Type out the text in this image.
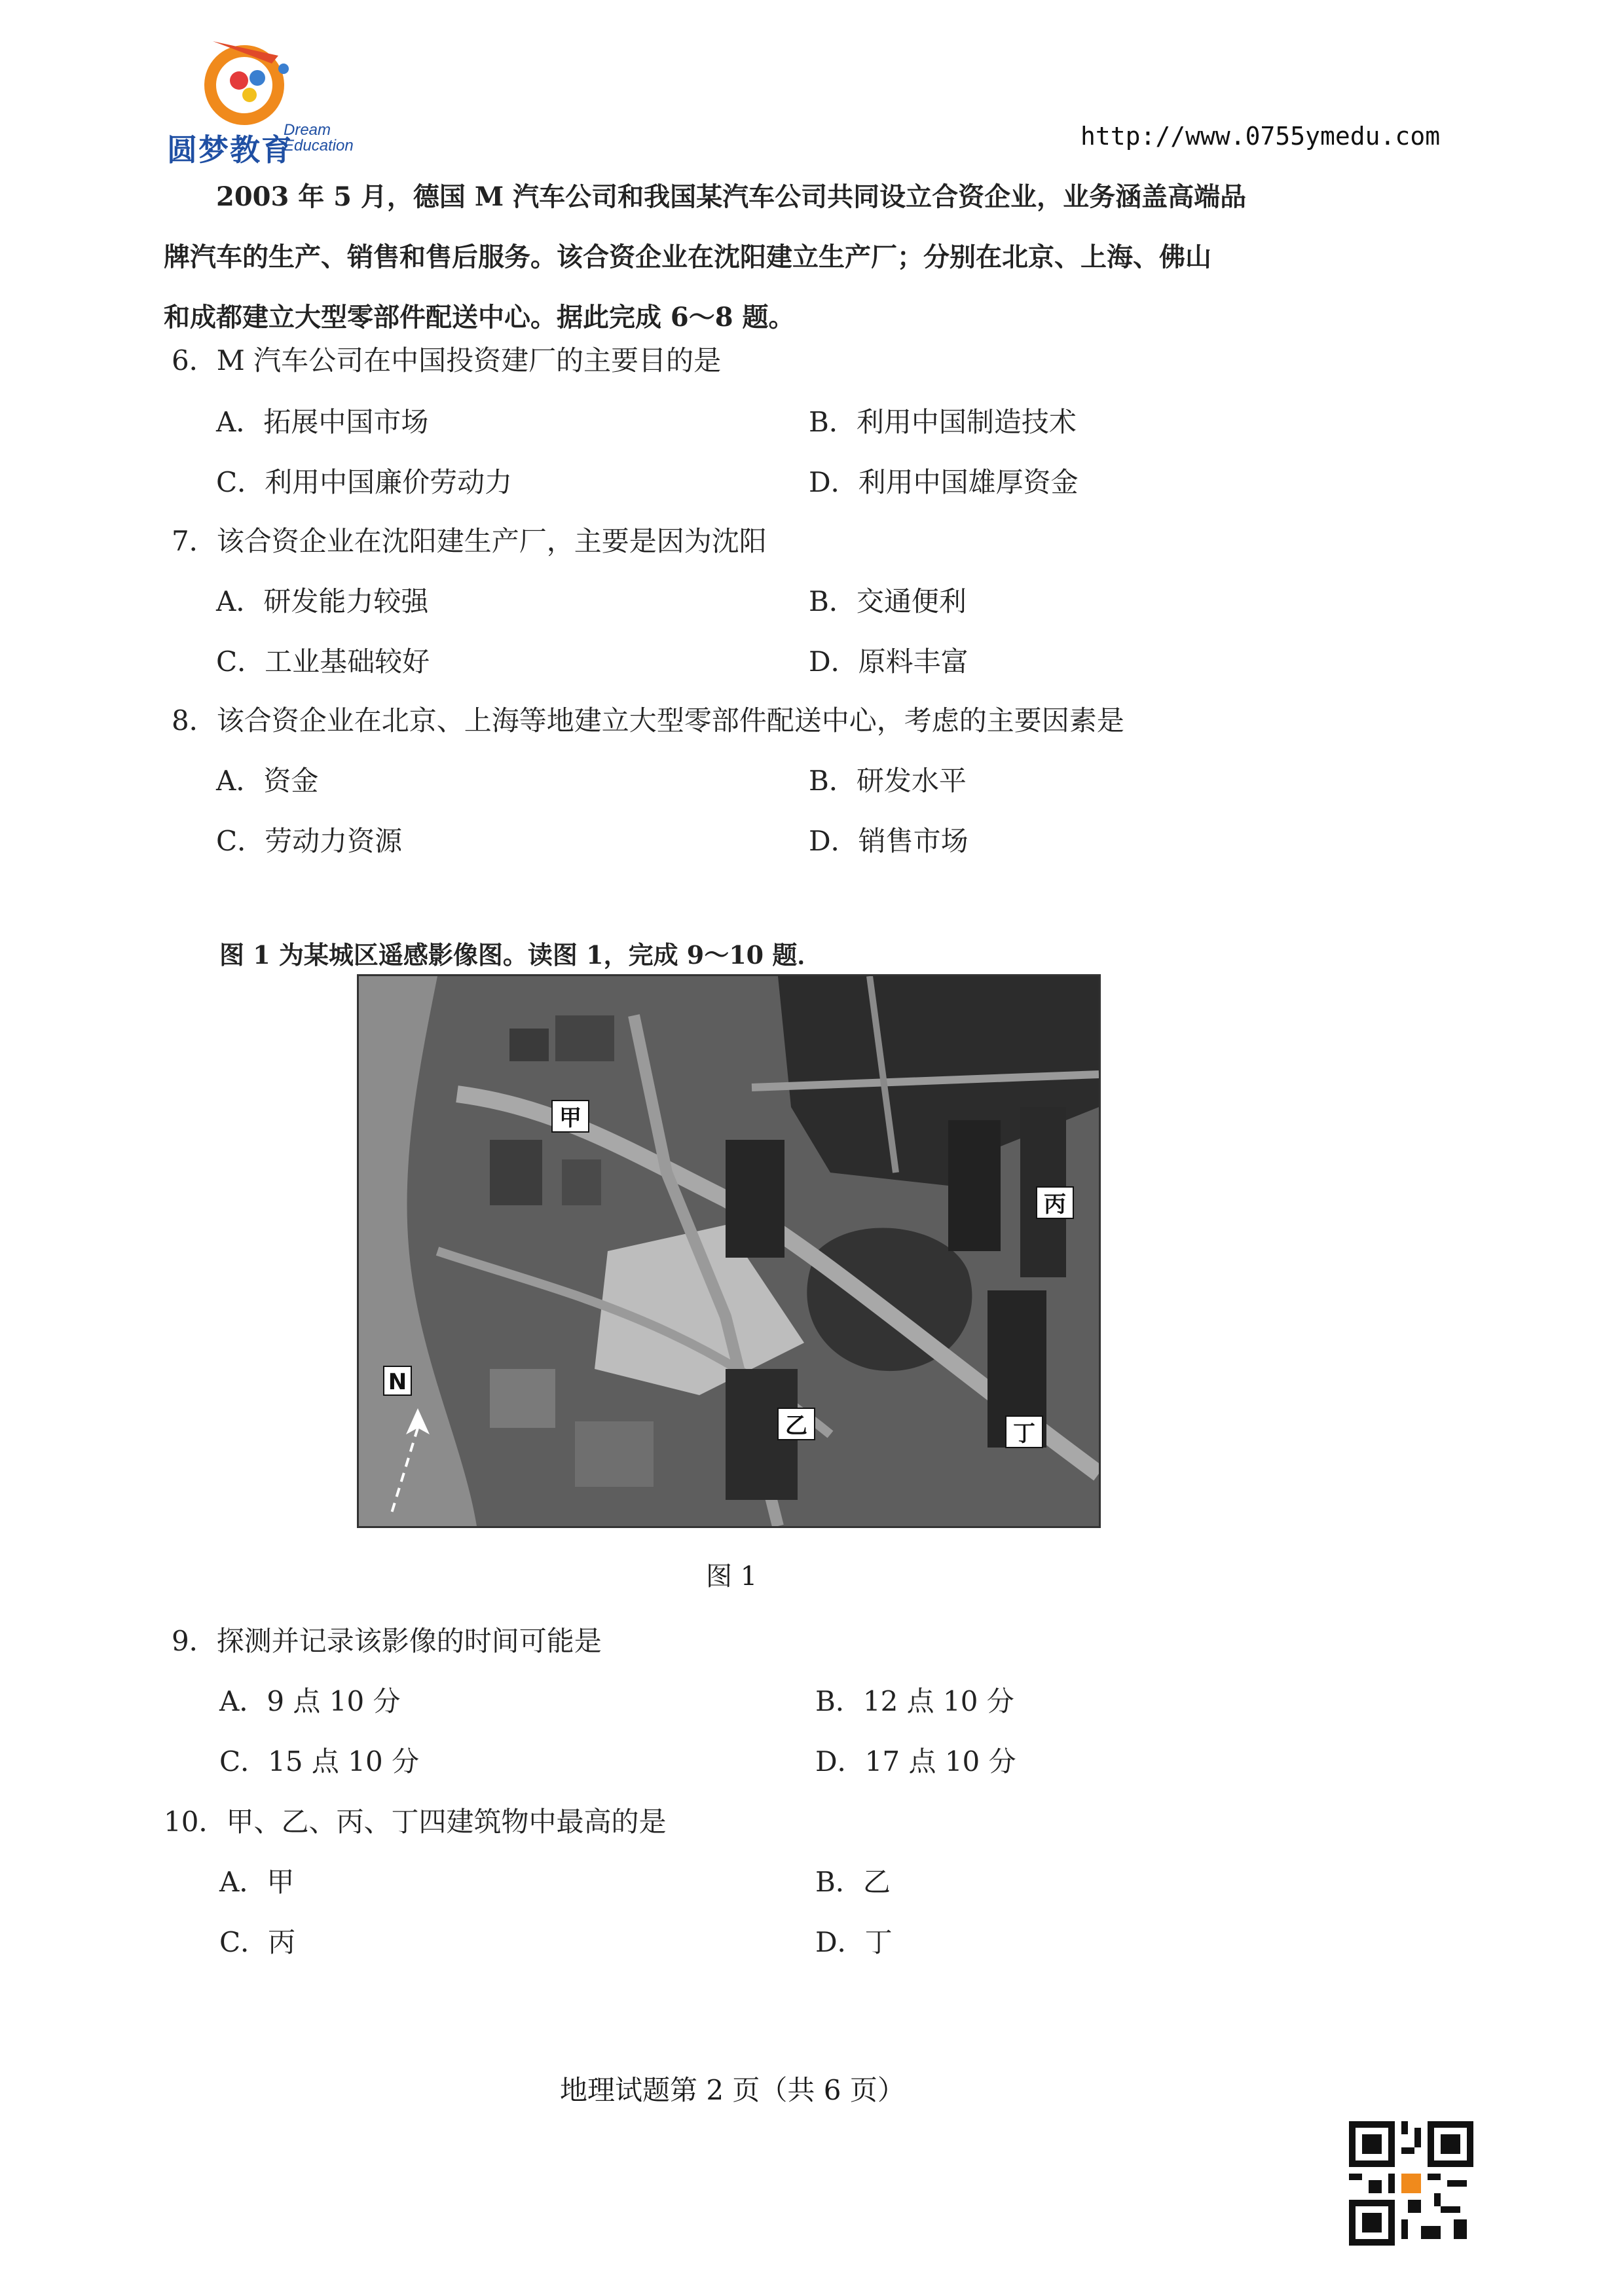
圆梦教育
Dream
Education	http://www.0755ymedu.com

2003 年 5 月，德国 M 汽车公司和我国某汽车公司共同设立合资企业，业务涵盖高端品

牌汽车的生产、销售和售后服务。该合资企业在沈阳建立生产厂；分别在北京、上海、佛山

和成都建立大型零部件配送中心。据此完成 6～8 题。

6．M 汽车公司在中国投资建厂的主要目的是
A．拓展中国市场	B．利用中国制造技术
C．利用中国廉价劳动力	D．利用中国雄厚资金
7．该合资企业在沈阳建生产厂，主要是因为沈阳
A．研发能力较强	B．交通便利
C．工业基础较好	D．原料丰富
8．该合资企业在北京、上海等地建立大型零部件配送中心，考虑的主要因素是
A．资金	B．研发水平
C．劳动力资源	D．销售市场
图 1 为某城区遥感影像图。读图 1，完成 9～10 题．
甲
丙
乙	丁
N
图 1
9．探测并记录该影像的时间可能是
A．9 点 10 分	B．12 点 10 分
C．15 点 10 分	D．17 点 10 分
10．甲、乙、丙、丁四建筑物中最高的是
A．甲	B．乙
C．丙	D．丁
地理试题第 2 页（共 6 页）
